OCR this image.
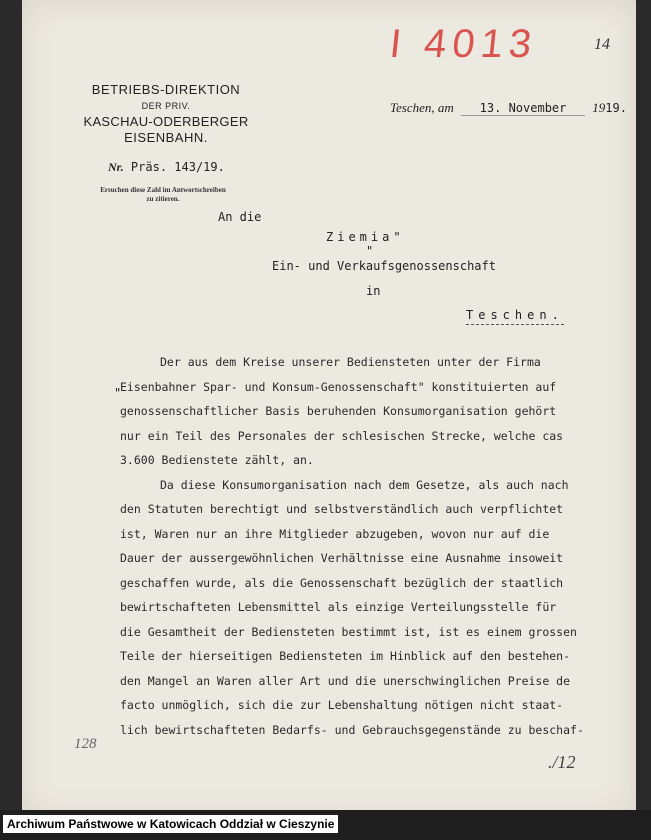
I 4013	14
BETRIEBS-DIREKTION
DER PRIV.
KASCHAU-ODERBERGER
EISENBAHN.
Teschen, am 13. November 1919.
Nr. Präs. 143/19.
Ersuchen diese Zahl im Antwortschreiben
zu zitieren.
An die
Ziemia"
"
Ein- und Verkaufsgenossenschaft
in
Teschen.
"

Der aus dem Kreise unserer Bediensteten unter der Firma

Eisenbahner Spar- und Konsum-Genossenschaft" konstituierten auf

genossenschaftlicher Basis beruhenden Konsumorganisation gehört

nur ein Teil des Personales der schlesischen Strecke, welche cas

3.600 Bedienstete zählt, an.

Da diese Konsumorganisation nach dem Gesetze, als auch nach

den Statuten berechtigt und selbstverständlich auch verpflichtet

ist, Waren nur an ihre Mitglieder abzugeben, wovon nur auf die

Dauer der aussergewöhnlichen Verhältnisse eine Ausnahme insoweit

geschaffen wurde, als die Genossenschaft bezüglich der staatlich

bewirtschafteten Lebensmittel als einzige Verteilungsstelle für

die Gesamtheit der Bediensteten bestimmt ist, ist es einem grossen

Teile der hierseitigen Bediensteten im Hinblick auf den bestehen-

den Mangel an Waren aller Art und die unerschwinglichen Preise de

facto unmöglich, sich die zur Lebenshaltung nötigen nicht staat-

lich bewirtschafteten Bedarfs- und Gebrauchsgegenstände zu beschaf-

128
./12
Archiwum Państwowe w Katowicach Oddział w Cieszynie
